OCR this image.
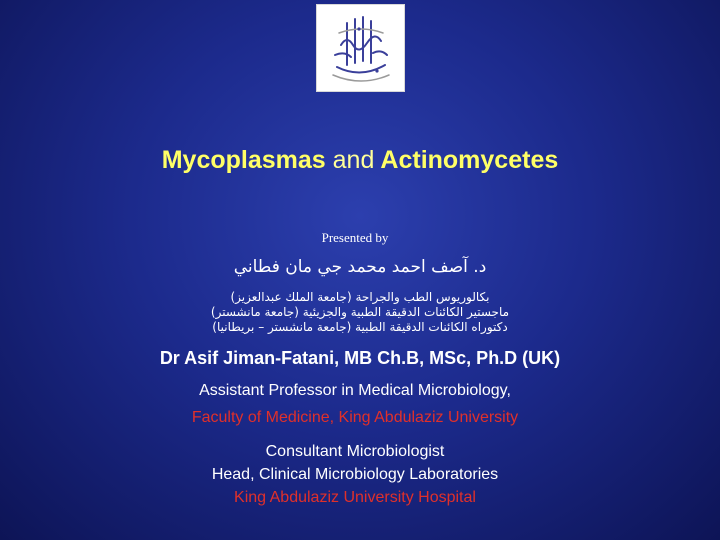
Mycoplasmas and Actinomycetes
Presented by
د. آصف احمد محمد جي مان فطاني
بكالوريوس الطب والجراحة (جامعة الملك عبدالعزيز)
ماجستير الكائنات الدقيقة الطبية والجزيئية (جامعة مانشستر)
دكتوراه الكائنات الدقيقة الطبية (جامعة مانشستر – بريطانيا)
Dr Asif Jiman-Fatani, MB Ch.B, MSc, Ph.D (UK)
Assistant Professor in Medical Microbiology,
Faculty of Medicine, King Abdulaziz University
Consultant Microbiologist
Head, Clinical Microbiology Laboratories
King Abdulaziz University Hospital
